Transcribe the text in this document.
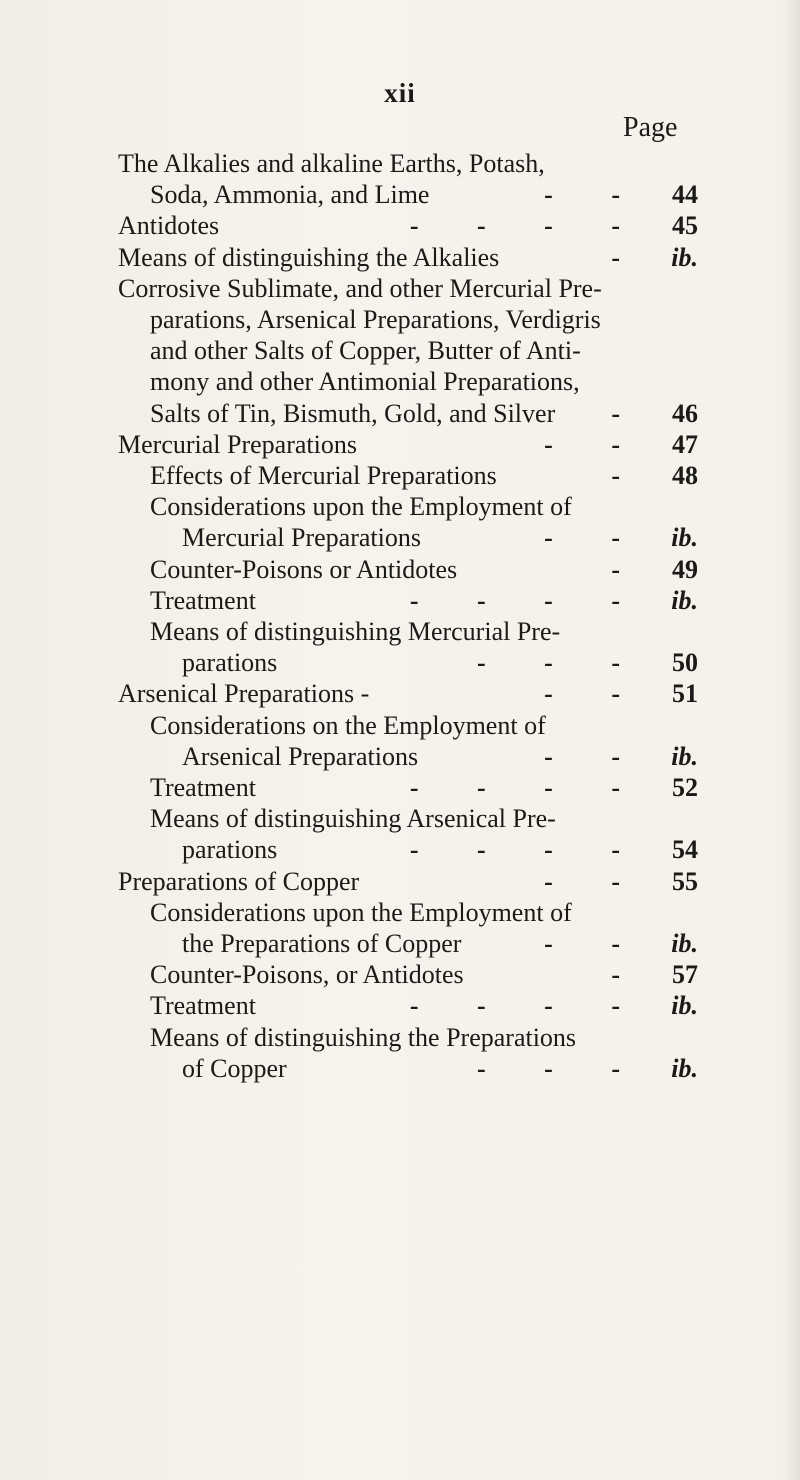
xii
Page
The Alkalies and alkaline Earths, Potash,
Soda, Ammonia, and Lime	- -	44
Antidotes	- - - -	45
Means of distinguishing the Alkalies	- ib.
Corrosive Sublimate, and other Mercurial Pre-
parations, Arsenical Preparations, Verdigris
and other Salts of Copper, Butter of Anti-
mony and other Antimonial Preparations,
Salts of Tin, Bismuth, Gold, and Silver	-	46
Mercurial Preparations	- -	47
Effects of Mercurial Preparations	-	48
Considerations upon the Employment of
Mercurial Preparations	- - ib.
Counter-Poisons or Antidotes	-	49
Treatment	- - - - ib.
Means of distinguishing Mercurial Pre-
parations	- - -	50
Arsenical Preparations -	- -	51
Considerations on the Employment of
Arsenical Preparations	- - ib.
Treatment	- - - -	52
Means of distinguishing Arsenical Pre-
parations	- - - -	54
Preparations of Copper	- -	55
Considerations upon the Employment of
the Preparations of Copper	- - ib.
Counter-Poisons, or Antidotes	-	57
Treatment	- - - - ib.
Means of distinguishing the Preparations
of Copper	- - - ib.
